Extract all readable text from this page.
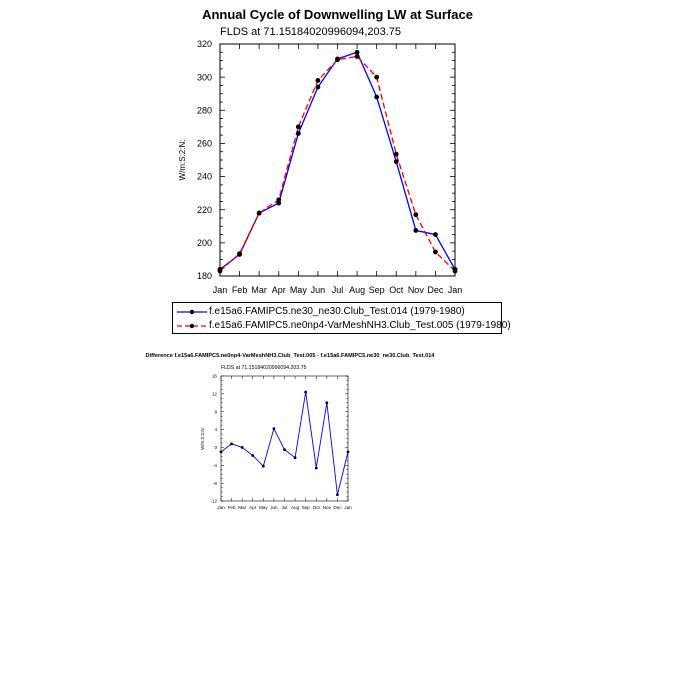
Annual Cycle of Downwelling LW at Surface
FLDS at 71.15184020996094,203.75
180
200
220
240
260
280
300
320
Jan Feb Mar Apr May Jun Jul Aug Sep Oct Nov Dec Jan
W/m:S:2:N:
f.e15a6.FAMIPC5.ne30_ne30.Club_Test.014 (1979-1980)
f.e15a6.FAMIPC5.ne0np4-VarMeshNH3.Club_Test.005 (1979-1980)
Difference f.e15a6.FAMIPC5.ne0np4-VarMeshNH3.Club_Test.005 - f.e15a6.FAMIPC5.ne30_ne30.Club_Test.014
FLDS at 71.15184020996094,203.75
-12
-8
-4
0
4
8
12
16
Jan Feb Mar Apr May Jun Jul Aug Sep Oct Nov Dec Jan
W/m:S:2:N:
